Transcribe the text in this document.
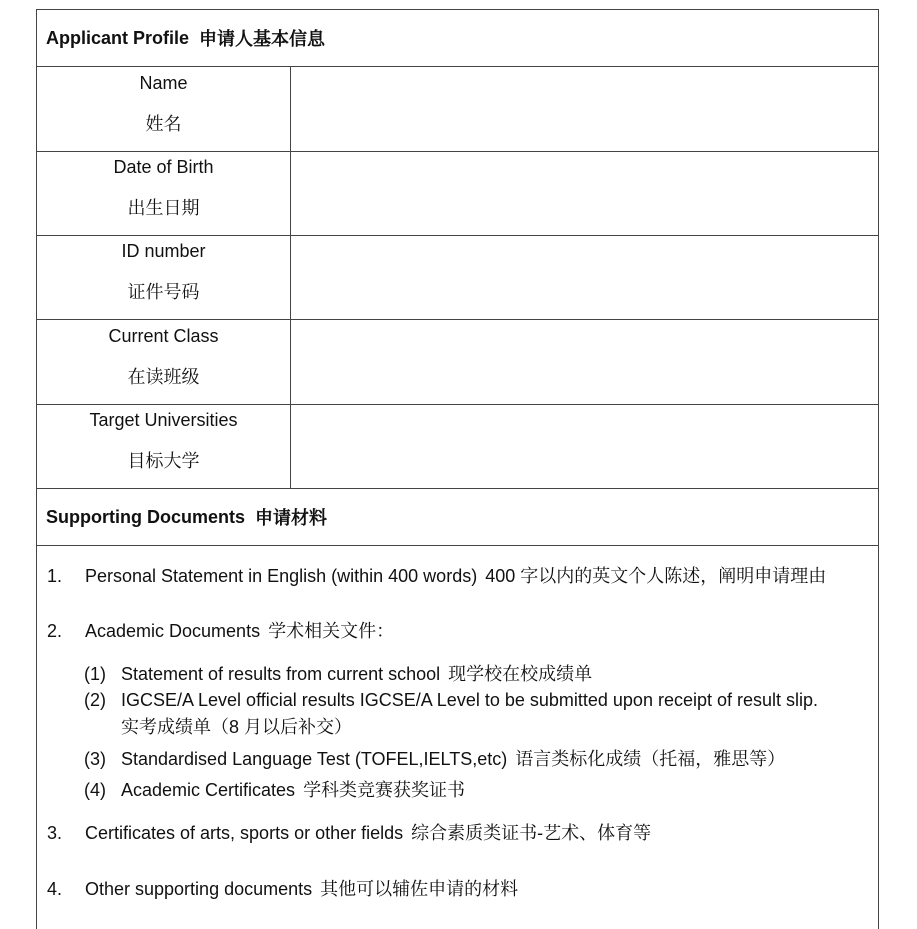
Applicant Profile 申请人基本信息
Name
姓名
Date of Birth
出生日期
ID number
证件号码
Current Class
在读班级
Target Universities
目标大学
Supporting Documents 申请材料
1. Personal Statement in English (within 400 words) 400 字以内的英文个人陈述，阐明申请理由
2. Academic Documents 学术相关文件：
(1) Statement of results from current school 现学校在校成绩单
(2) IGCSE/A Level official results IGCSE/A Level to be submitted upon receipt of result slip.
实考成绩单（8 月以后补交）
(3) Standardised Language Test (TOFEL,IELTS,etc) 语言类标化成绩（托福，雅思等）
(4) Academic Certificates 学科类竞赛获奖证书
3. Certificates of arts, sports or other fields 综合素质类证书-艺术、体育等
4. Other supporting documents 其他可以辅佐申请的材料
